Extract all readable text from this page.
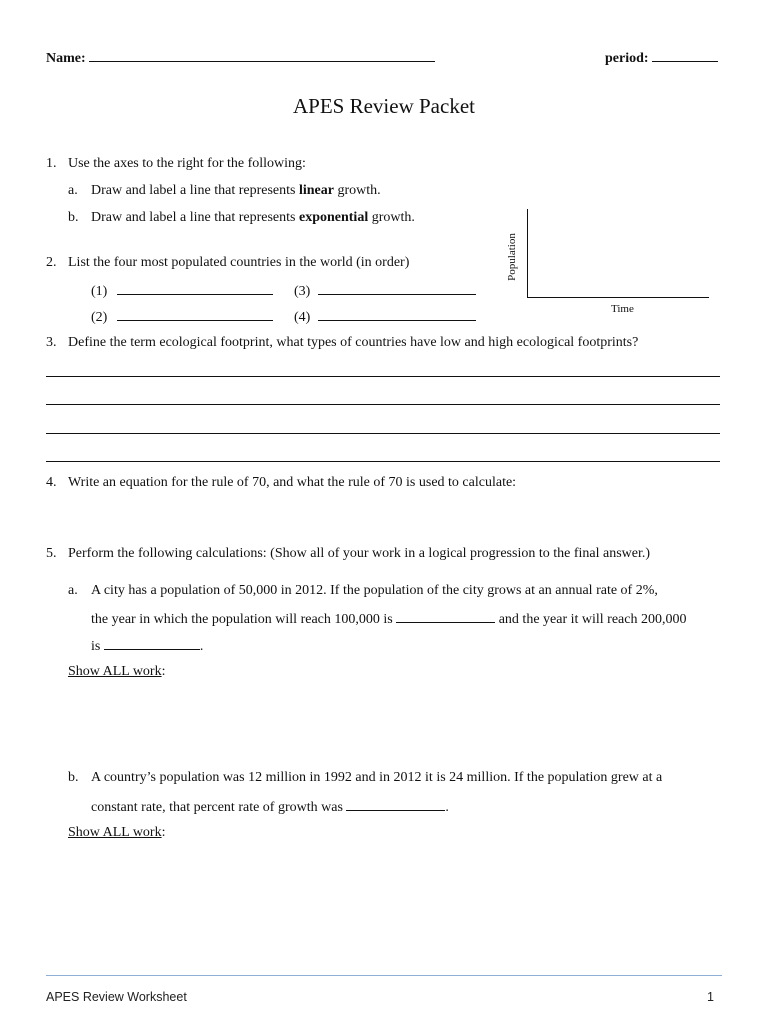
Name:	period:
APES Review Packet
1. Use the axes to the right for the following:
a. Draw and label a line that represents linear growth.
b. Draw and label a line that represents exponential growth.
Population
Time
2. List the four most populated countries in the world (in order)
(1)
(2)
(3)
(4)
3. Define the term ecological footprint, what types of countries have low and high ecological footprints?
4. Write an equation for the rule of 70, and what the rule of 70 is used to calculate:
5. Perform the following calculations: (Show all of your work in a logical progression to the final answer.)
a. A city has a population of 50,000 in 2012. If the population of the city grows at an annual rate of 2%,
the year in which the population will reach 100,000 is	and the year it will reach 200,000
is	.
Show ALL work:
b. A country’s population was 12 million in 1992 and in 2012 it is 24 million. If the population grew at a
constant rate, that percent rate of growth was	.
Show ALL work:
APES Review Worksheet	1
